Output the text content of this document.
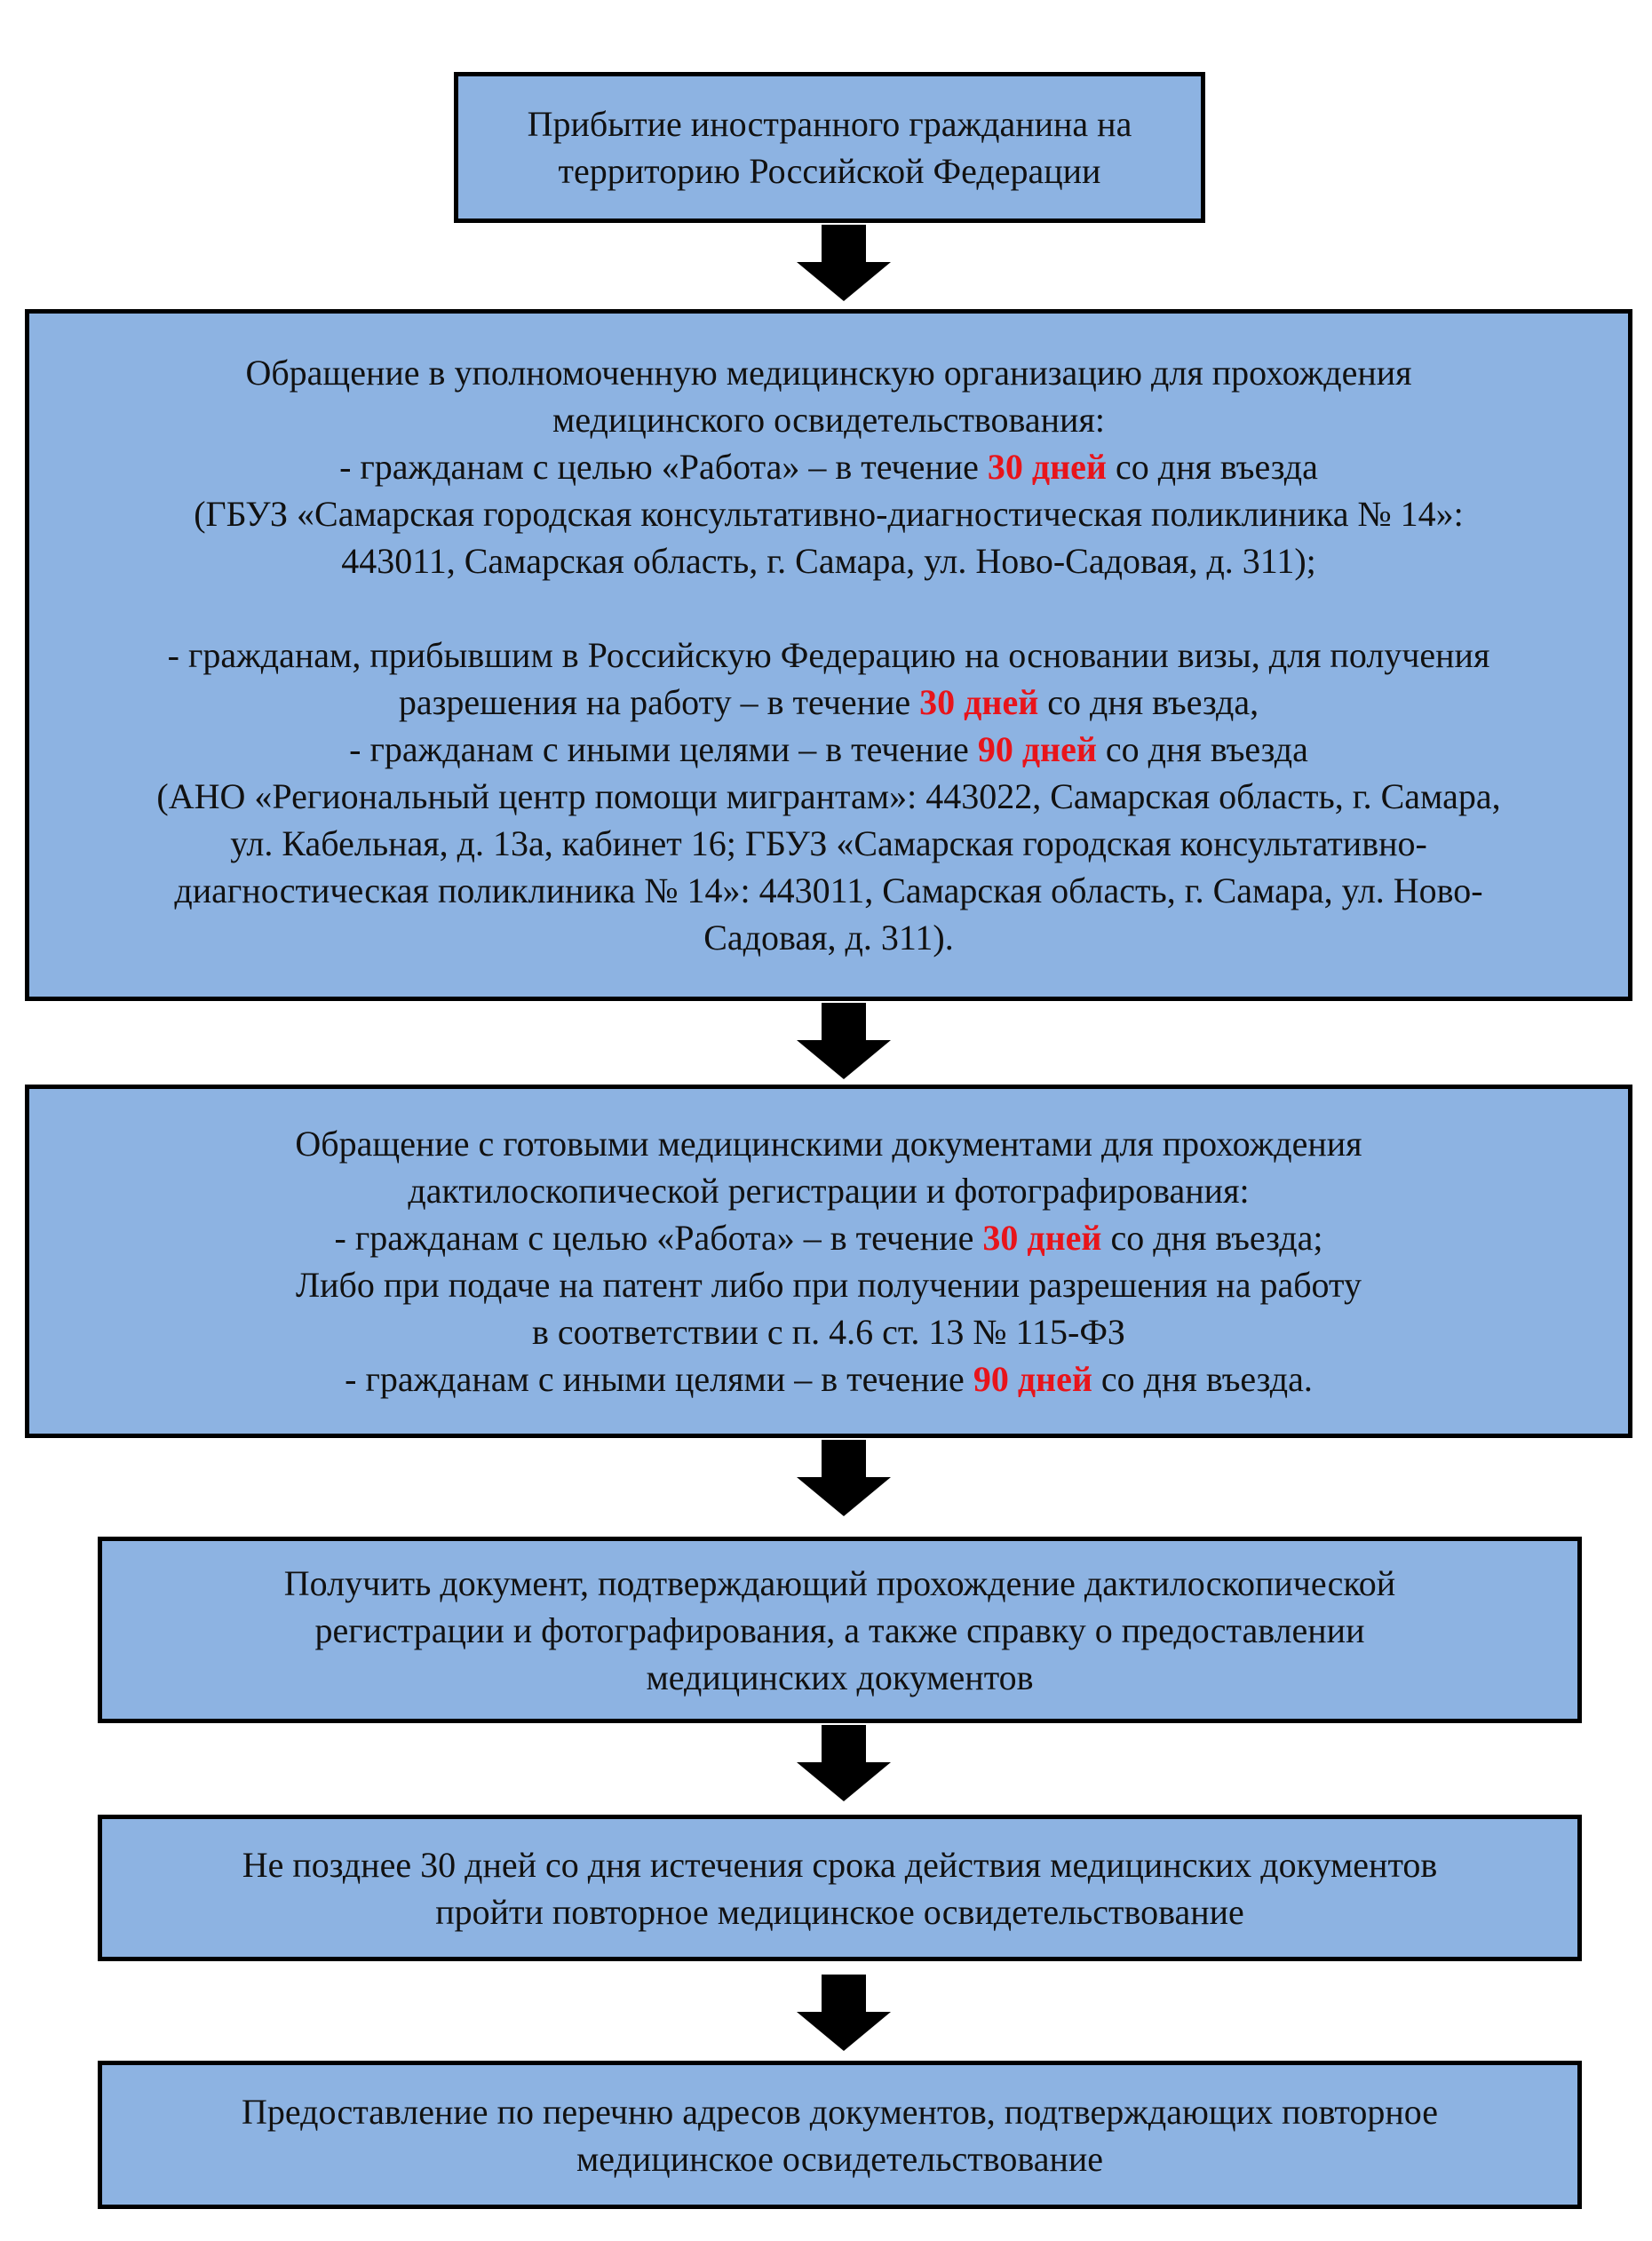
Прибытие иностранного гражданина на

территорию Российской Федерации

Обращение в уполномоченную медицинскую организацию для прохождения

медицинского освидетельствования:

- гражданам с целью «Работа» – в течение 30 дней со дня въезда

(ГБУЗ «Самарская городская консультативно-диагностическая поликлиника № 14»:

443011, Самарская область, г. Самара, ул. Ново-Садовая, д. 311);

- гражданам, прибывшим в Российскую Федерацию на основании визы, для получения

разрешения на работу – в течение 30 дней со дня въезда,

- гражданам с иными целями – в течение 90 дней со дня въезда

(АНО «Региональный центр помощи мигрантам»: 443022, Самарская область, г. Самара,

ул. Кабельная, д. 13а, кабинет 16; ГБУЗ «Самарская городская консультативно-

диагностическая поликлиника № 14»: 443011, Самарская область, г. Самара, ул. Ново-

Садовая, д. 311).

Обращение с готовыми медицинскими документами для прохождения

дактилоскопической регистрации и фотографирования:

- гражданам с целью «Работа» – в течение 30 дней со дня въезда;

Либо при подаче на патент либо при получении разрешения на работу

в соответствии с п. 4.6 ст. 13 № 115-ФЗ

- гражданам с иными целями – в течение 90 дней со дня въезда.

Получить документ, подтверждающий прохождение дактилоскопической

регистрации и фотографирования, а также справку о предоставлении

медицинских документов

Не позднее 30 дней со дня истечения срока действия медицинских документов

пройти повторное медицинское освидетельствование

Предоставление по перечню адресов документов, подтверждающих повторное

медицинское освидетельствование
